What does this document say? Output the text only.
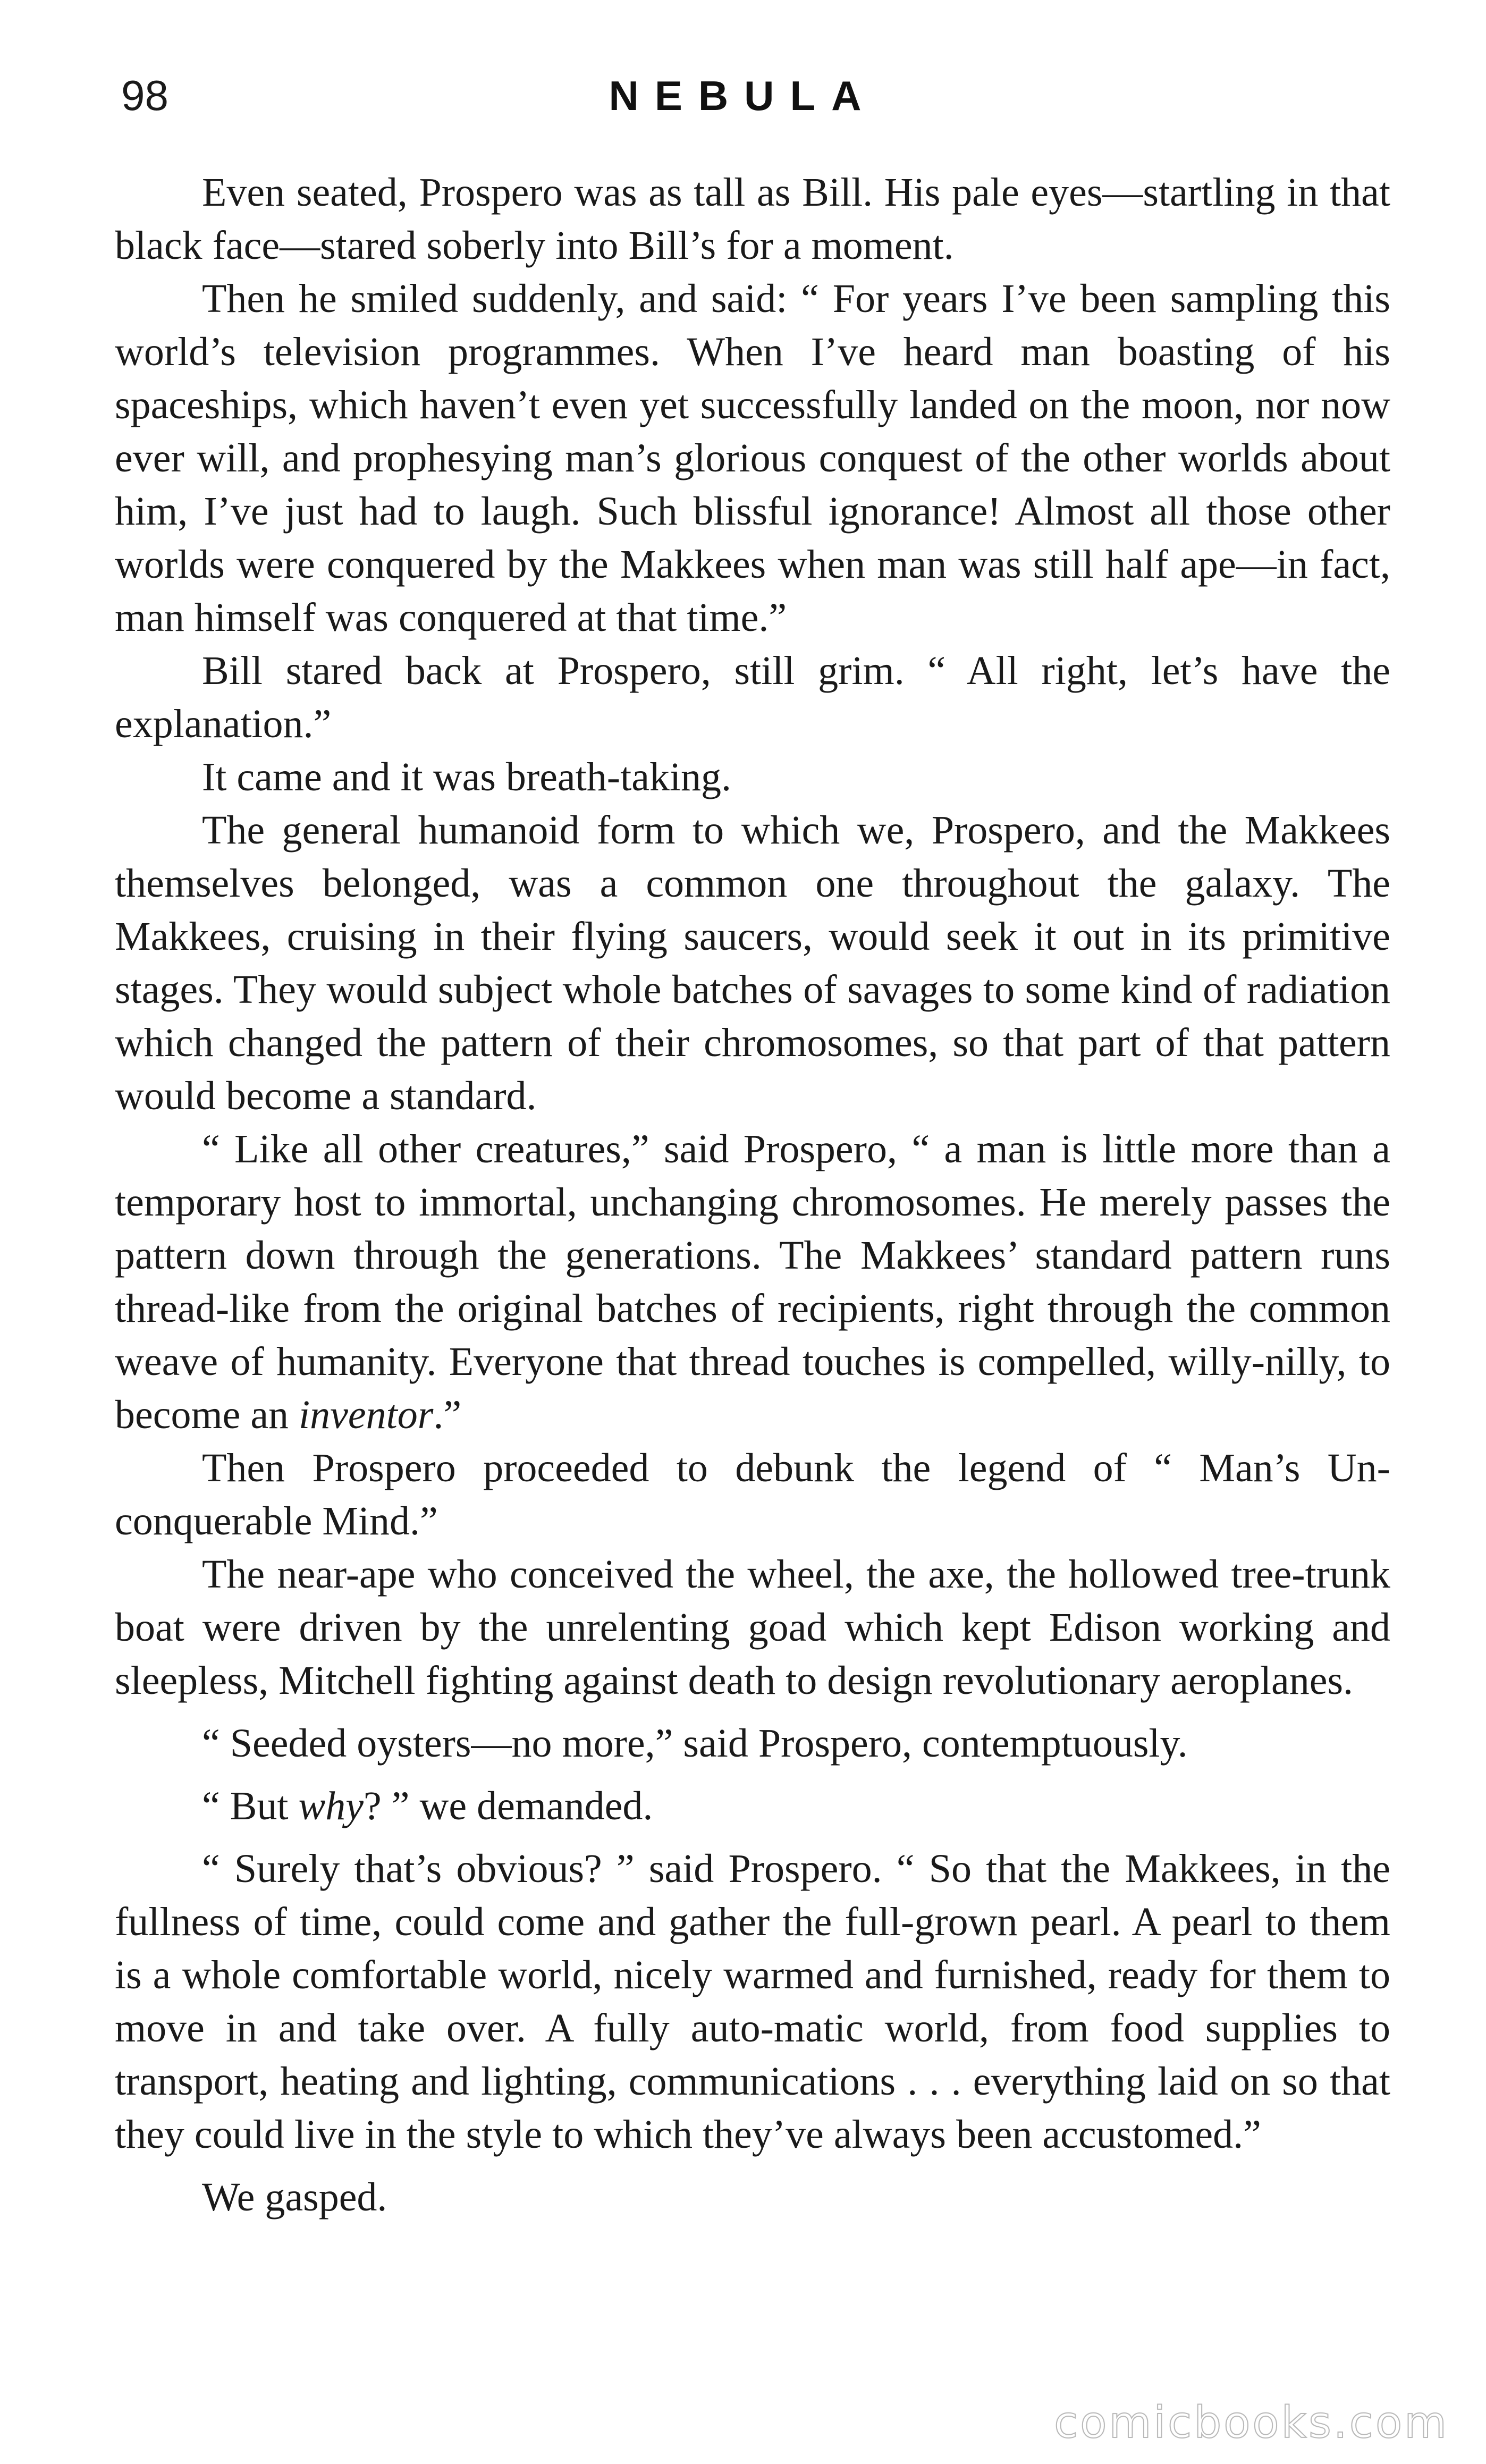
98	NEBULA

Even seated, Prospero was as tall as Bill. His pale eyes—startling in that black face—stared soberly into Bill’s for a moment.

Then he smiled suddenly, and said: “ For years I’ve been sampling this world’s television programmes. When I’ve heard man boasting of his spaceships, which haven’t even yet successfully landed on the moon, nor now ever will, and prophesying man’s glorious conquest of the other worlds about him, I’ve just had to laugh. Such blissful ignorance! Almost all those other worlds were conquered by the Makkees when man was still half ape—in fact, man himself was conquered at that time.”

Bill stared back at Prospero, still grim. “ All right, let’s have the explanation.”

It came and it was breath-taking.

The general humanoid form to which we, Prospero, and the Makkees themselves belonged, was a common one throughout the galaxy. The Makkees, cruising in their flying saucers, would seek it out in its primitive stages. They would subject whole batches of savages to some kind of radiation which changed the pattern of their chromosomes, so that part of that pattern would become a standard.

“ Like all other creatures,” said Prospero, “ a man is little more than a temporary host to immortal, unchanging chromosomes. He merely passes the pattern down through the generations. The Makkees’ standard pattern runs thread-like from the original batches of recipients, right through the common weave of humanity. Everyone that thread touches is compelled, willy-nilly, to become an inventor.”

Then Prospero proceeded to debunk the legend of “ Man’s Un-conquerable Mind.”

The near-ape who conceived the wheel, the axe, the hollowed tree-trunk boat were driven by the unrelenting goad which kept Edison working and sleepless, Mitchell fighting against death to design revolutionary aeroplanes.

“ Seeded oysters—no more,” said Prospero, contemptuously.

“ But why? ” we demanded.

“ Surely that’s obvious? ” said Prospero. “ So that the Makkees, in the fullness of time, could come and gather the full-grown pearl. A pearl to them is a whole comfortable world, nicely warmed and furnished, ready for them to move in and take over. A fully auto-matic world, from food supplies to transport, heating and lighting, communications . . . everything laid on so that they could live in the style to which they’ve always been accustomed.”

We gasped.

comicbooks.com
